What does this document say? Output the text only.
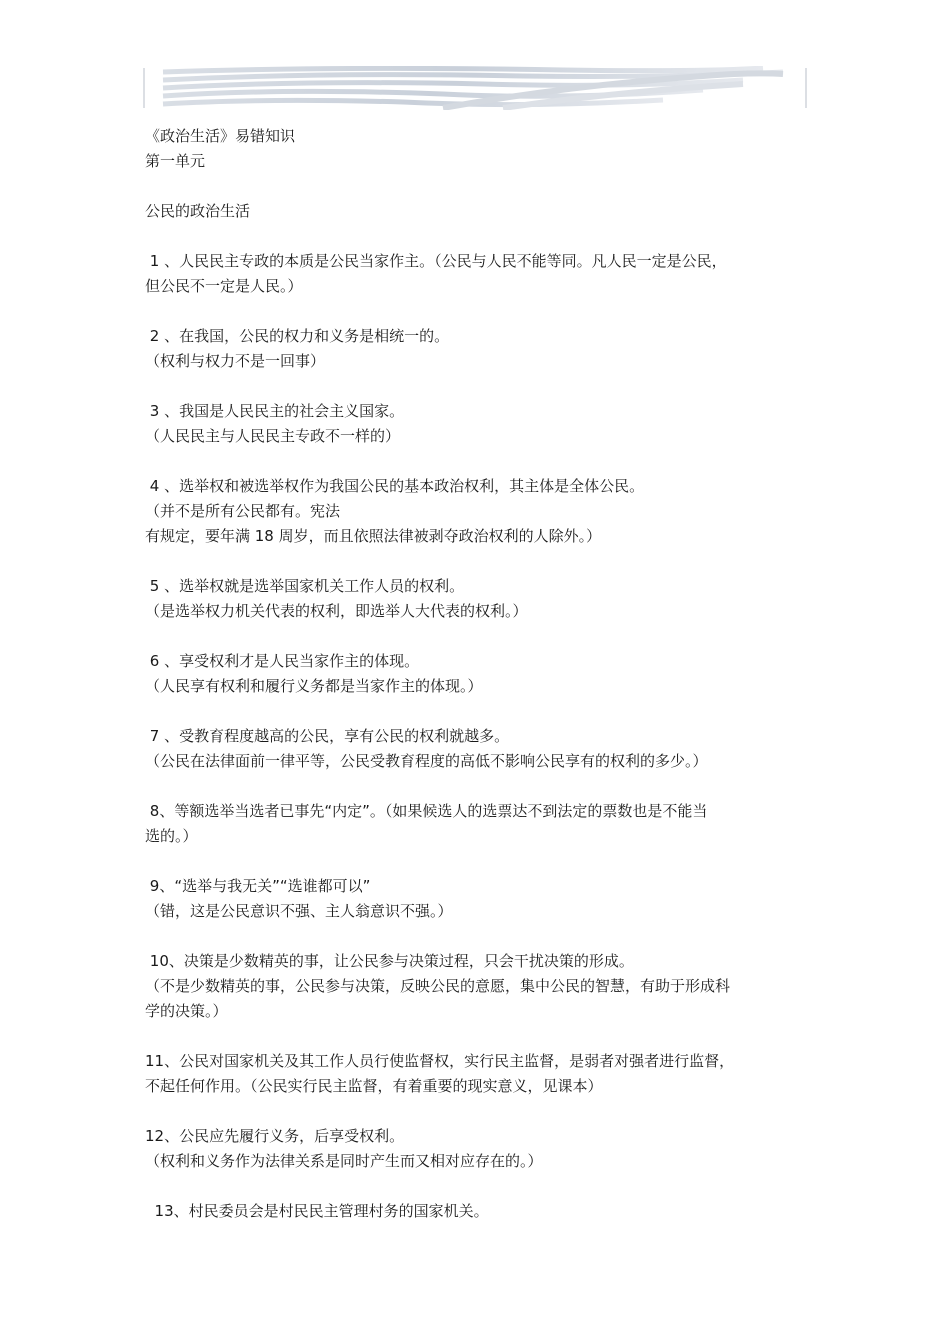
《政治生活》易错知识
第一单元
公民的政治生活
1 、人民民主专政的本质是公民当家作主。（公民与人民不能等同。凡人民一定是公民，
但公民不一定是人民。）
2 、在我国，公民的权力和义务是相统一的。
（权利与权力不是一回事）
3 、我国是人民民主的社会主义国家。
（人民民主与人民民主专政不一样的）
4 、选举权和被选举权作为我国公民的基本政治权利，其主体是全体公民。
（并不是所有公民都有。宪法
有规定，要年满 18 周岁，而且依照法律被剥夺政治权利的人除外。）
5 、选举权就是选举国家机关工作人员的权利。
（是选举权力机关代表的权利，即选举人大代表的权利。）
6 、享受权利才是人民当家作主的体现。
（人民享有权利和履行义务都是当家作主的体现。）
7 、受教育程度越高的公民，享有公民的权利就越多。
（公民在法律面前一律平等，公民受教育程度的高低不影响公民享有的权利的多少。）
8、等额选举当选者已事先“内定”。（如果候选人的选票达不到法定的票数也是不能当
选的。）
9、“选举与我无关”“选谁都可以”
（错，这是公民意识不强、主人翁意识不强。）
10、决策是少数精英的事，让公民参与决策过程，只会干扰决策的形成。
（不是少数精英的事，公民参与决策，反映公民的意愿，集中公民的智慧，有助于形成科
学的决策。）
11、公民对国家机关及其工作人员行使监督权，实行民主监督，是弱者对强者进行监督，
不起任何作用。（公民实行民主监督，有着重要的现实意义，见课本）
12、公民应先履行义务，后享受权利。
（权利和义务作为法律关系是同时产生而又相对应存在的。）
13、村民委员会是村民民主管理村务的国家机关。
